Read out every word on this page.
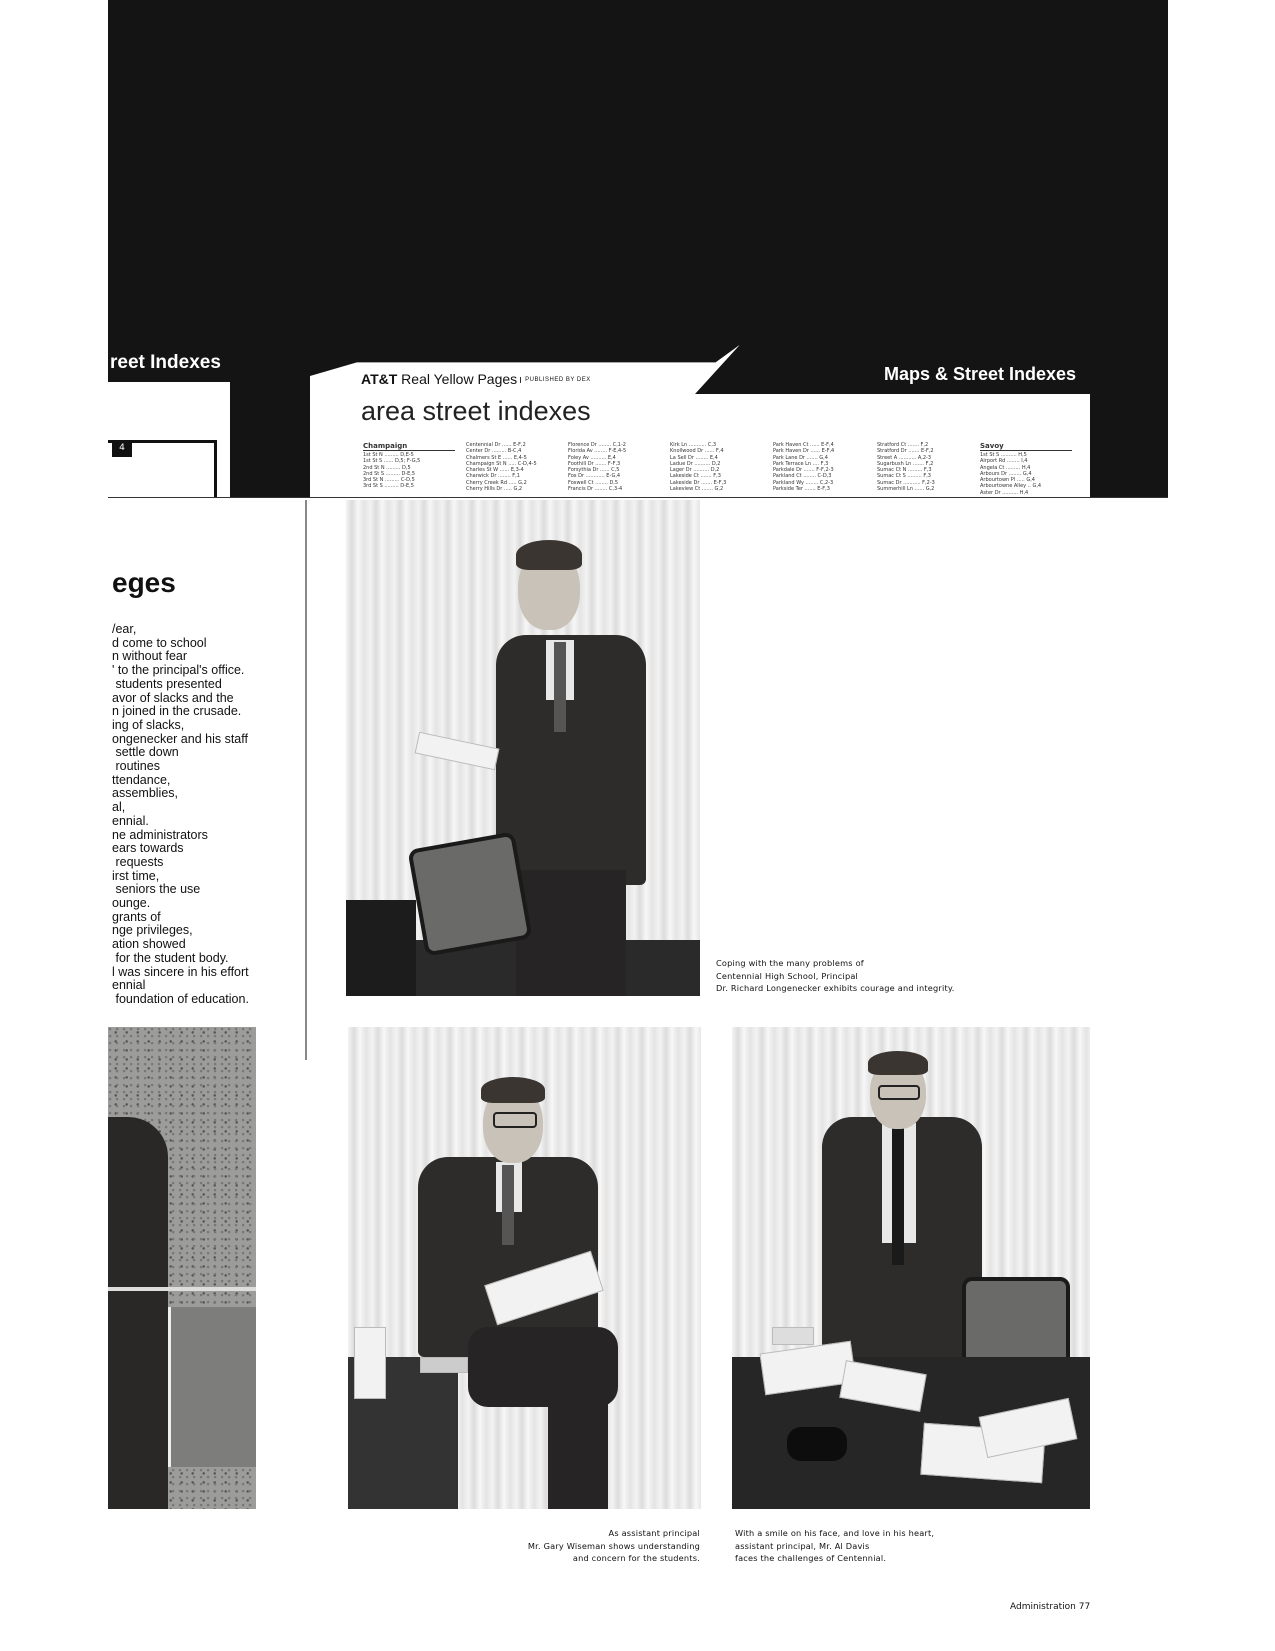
reet Indexes
4
Maps & Street Indexes
AT&T Real Yellow Pages PUBLISHED BY DEX
area street indexes
Champaign
1st St N ......... D,E-5
1st St S ...... D,5; F-G,5
2nd St N ......... D,5
2nd St S ......... D-E,5
3rd St N ......... C-D,5
3rd St S ......... D-E,5
Centennial Dr ...... E-F,2
Center Dr ......... B-C,4
Chalmers St E ...... E,4-5
Champaign St N ..... C-D,4-5
Charles St W ...... E,3-4
Charwick Dr ........ F,1
Cherry Creek Rd ..... G,2
Cherry Hills Dr ..... G,2
Florence Dr ........ C,1-2
Florida Av ........ F-E,4-5
Foley Av .......... E,4
Foothill Dr ....... F-F,3
Forsythia Dr ...... C,5
Fox Dr ............ E-G,4
Foxwell Ct ........ D,5
Francis Dr ........ C,3-4
Kirk Ln ........... C,3
Knollwood Dr ...... F,4
La Sell Dr ........ E,4
Ladue Dr .......... D,2
Lager Dr .......... D,2
Lakeside Ct ....... F,3
Lakeside Dr ....... E-F,3
Lakeview Ct ....... G,2
Park Haven Ct ...... E-F,4
Park Haven Dr ...... E-F,4
Park Lane Dr ....... G,4
Park Terrace Ln .... F,3
Parkdale Dr ....... F-F,2-3
Parkland Ct ........ C-D,3
Parkland Wy ........ C,2-3
Parkside Ter ....... E-F,3
Stratford Ct ....... F,2
Stratford Dr ....... E-F,2
Street A ........... A,2-3
Sugarbush Ln ....... F,2
Sumac Ct N ......... F,3
Sumac Ct S ......... F,3
Sumac Dr ........... F,2-3
Summerhill Ln ...... G,2
Savoy
1st St S .......... H,5
Airport Rd ........ I,4
Angela Ct ......... H,4
Arbours Dr ........ G,4
Arbourtown Pl ..... G,4
Arbourtowne Alley .. G,4
Aster Dr .......... H,4
eges
/ear,
d come to school
n without fear
' to the principal's office.
students presented
avor of slacks and the
n joined in the crusade.
ing of slacks,
ongenecker and his staff
settle down
routines
ttendance,
assemblies,
al,
ennial.
ne administrators
ears towards
requests
irst time,
seniors the use
ounge.
grants of
nge privileges,
ation showed
for the student body.
l was sincere in his effort
ennial
foundation of education.
Coping with the many problems of
Centennial High School, Principal
Dr. Richard Longenecker exhibits courage and integrity.
As assistant principal
Mr. Gary Wiseman shows understanding
and concern for the students.
With a smile on his face, and love in his heart,
assistant principal, Mr. Al Davis
faces the challenges of Centennial.
Administration 77
